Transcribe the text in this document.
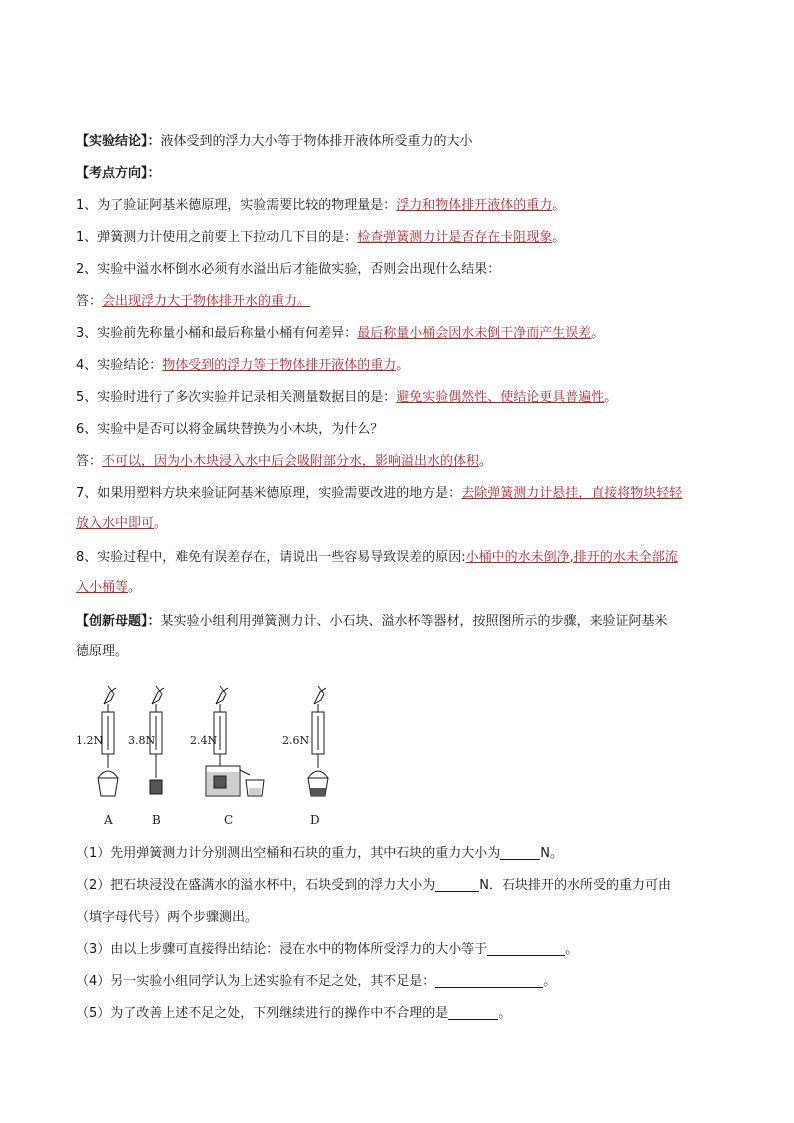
【实验结论】：液体受到的浮力大小等于物体排开液体所受重力的大小
【考点方向】：
1、为了验证阿基米德原理，实验需要比较的物理量是：浮力和物体排开液体的重力。
1、弹簧测力计使用之前要上下拉动几下目的是：检查弹簧测力计是否存在卡阻现象。
2、实验中溢水杯倒水必须有水溢出后才能做实验，否则会出现什么结果：
答：会出现浮力大于物体排开水的重力。
3、实验前先称量小桶和最后称量小桶有何差异：最后称量小桶会因水未倒干净而产生误差。
4、实验结论：物体受到的浮力等于物体排开液体的重力。
5、实验时进行了多次实验并记录相关测量数据目的是：避免实验偶然性、使结论更具普遍性。
6、实验中是否可以将金属块替换为小木块，为什么？
答：不可以，因为小木块浸入水中后会吸附部分水，影响溢出水的体积。
7、如果用塑料方块来验证阿基米德原理，实验需要改进的地方是：去除弹簧测力计悬挂，直接将物块轻轻
放入水中即可。
8、实验过程中，难免有误差存在，请说出一些容易导致误差的原因:小桶中的水未倒净,排开的水未全部流
入小桶等。
【创新母题】：某实验小组利用弹簧测力计、小石块、溢水杯等器材，按照图所示的步骤，来验证阿基米
德原理。
1.2N 3.8N	2.4N	2.6N
A	B	C	D
（1）先用弹簧测力计分别测出空桶和石块的重力，其中石块的重力大小为	N。
（2）把石块浸没在盛满水的溢水杯中，石块受到的浮力大小为	N．石块排开的水所受的重力可由
（填字母代号）两个步骤测出。
（3）由以上步骤可直接得出结论：浸在水中的物体所受浮力的大小等于	。
（4）另一实验小组同学认为上述实验有不足之处，其不足是：	。
（5）为了改善上述不足之处，下列继续进行的操作中不合理的是	。
